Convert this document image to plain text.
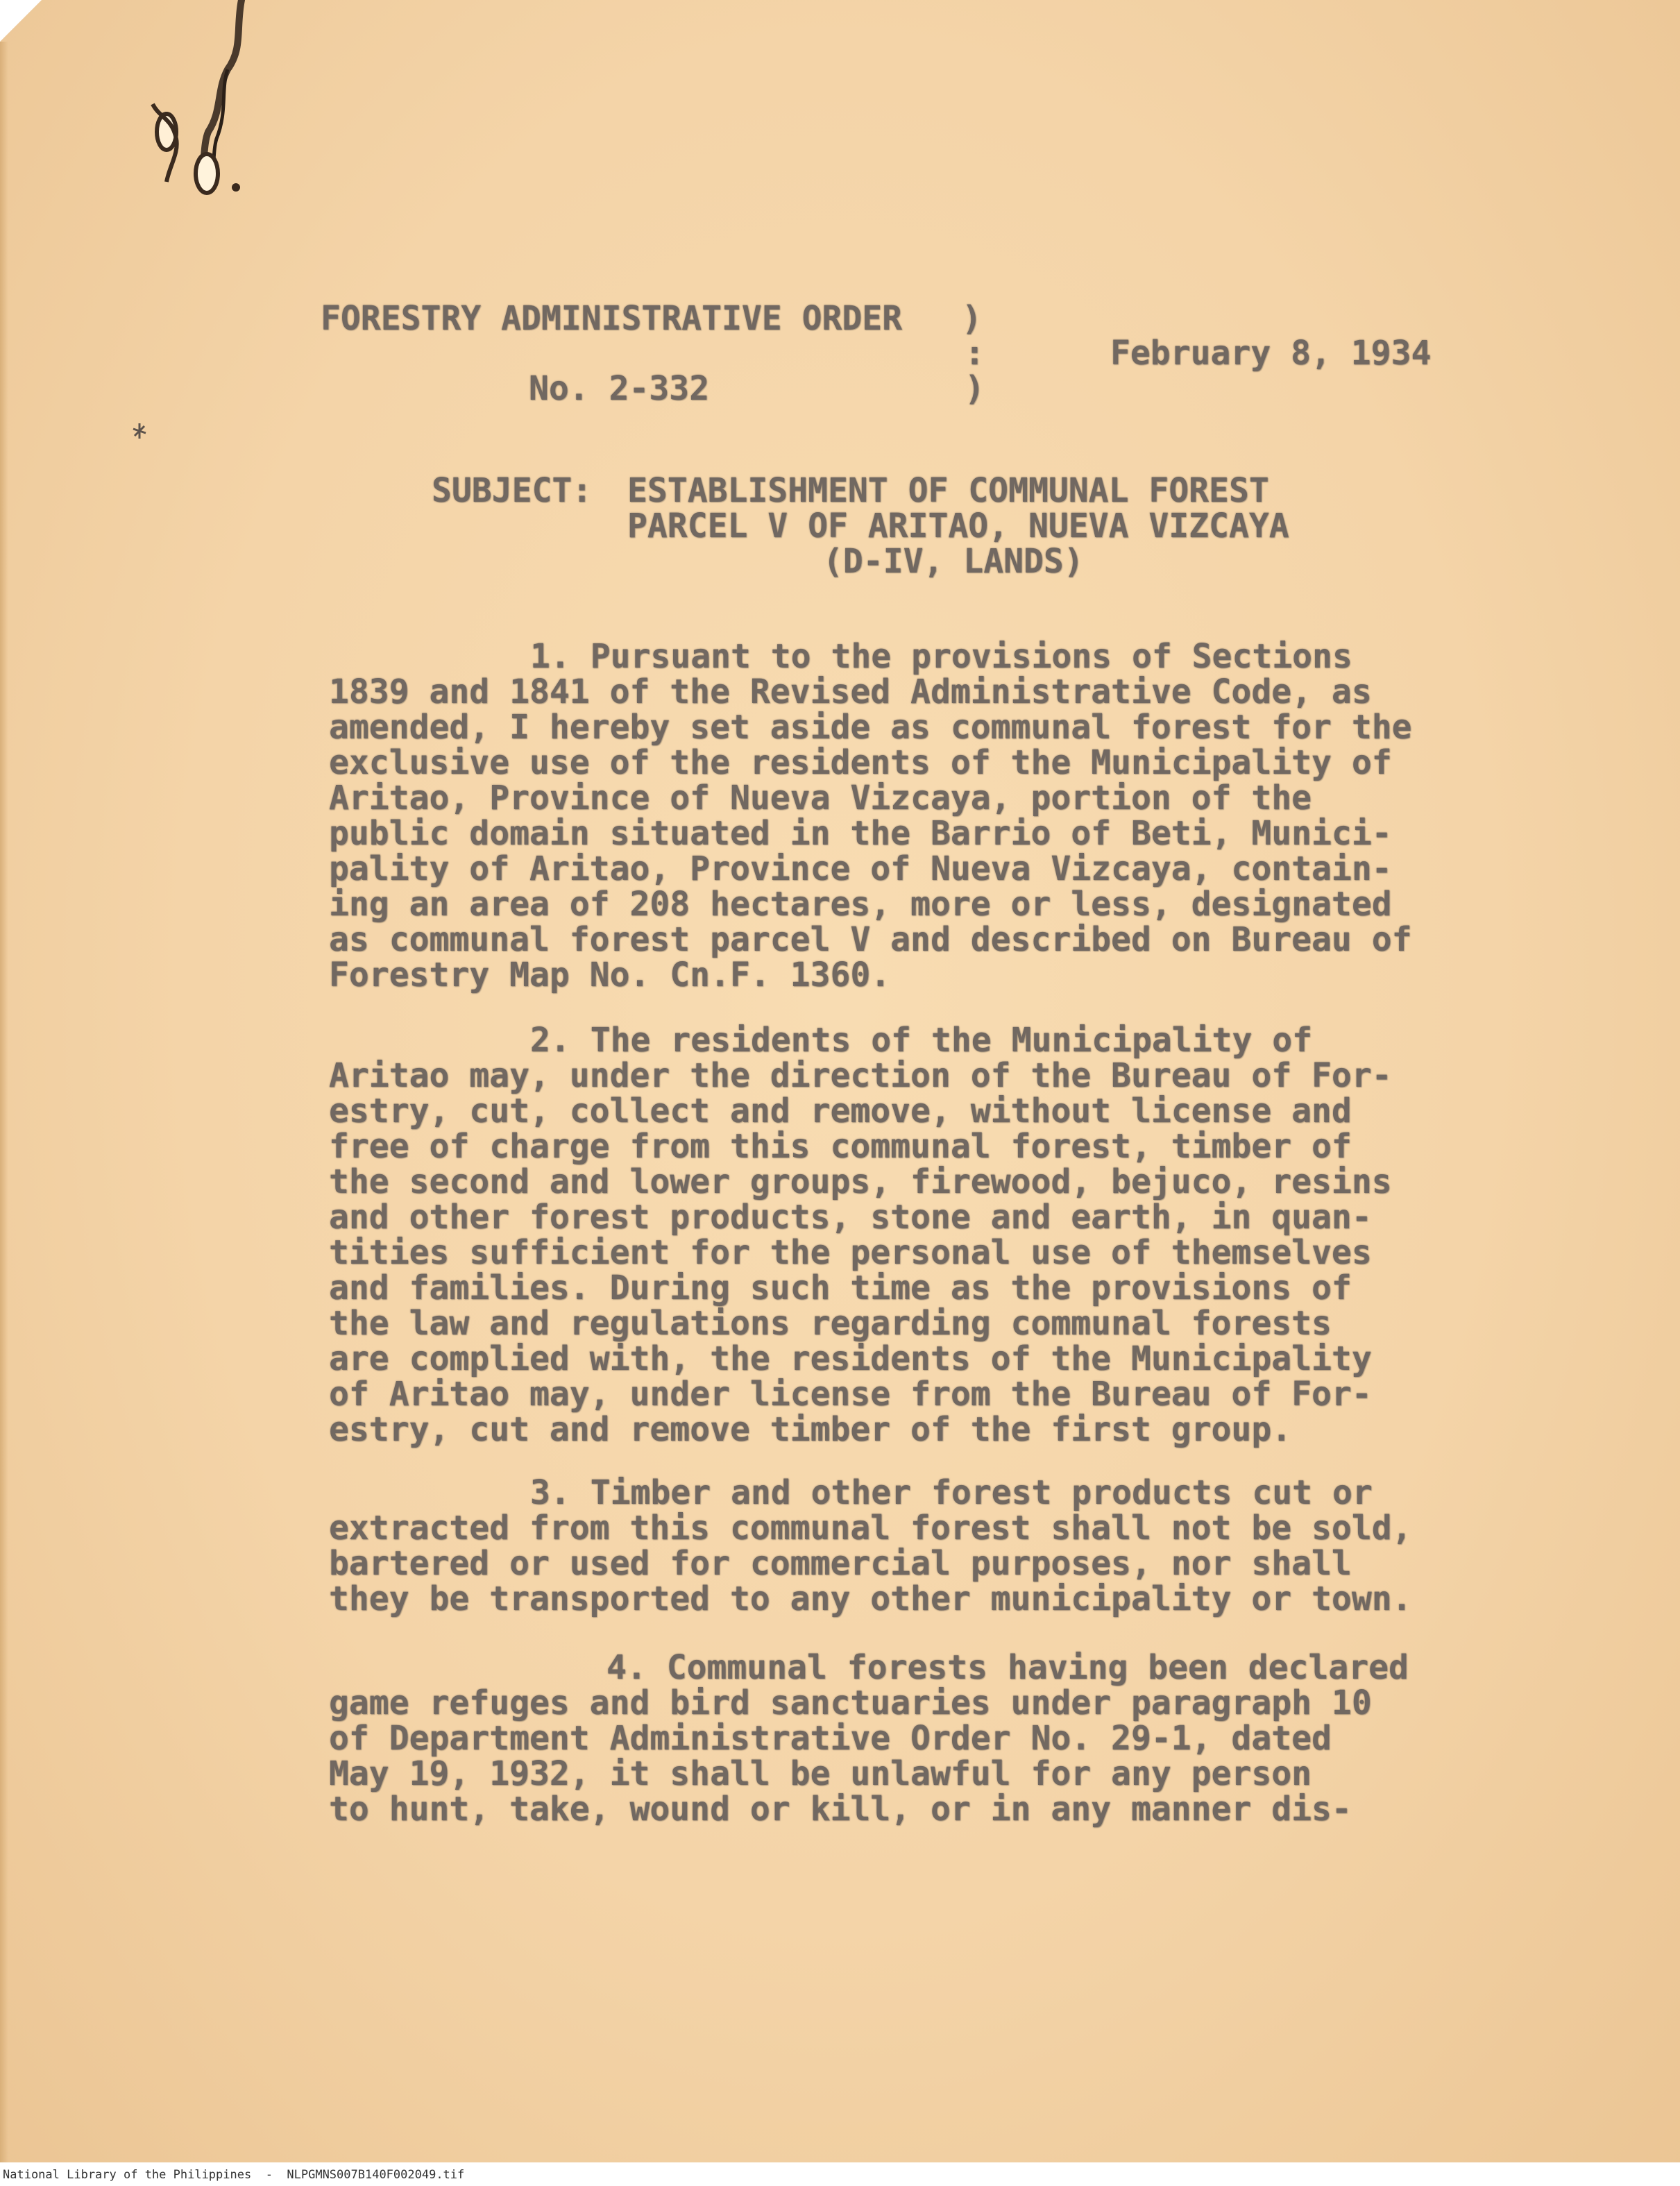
FORESTRY ADMINISTRATIVE ORDER
No. 2-332
)
:
)
February 8, 1934
SUBJECT: ESTABLISHMENT OF COMMUNAL FOREST
PARCEL V OF ARITAO, NUEVA VIZCAYA
(D-IV, LANDS)
1. Pursuant to the provisions of Sections
1839 and 1841 of the Revised Administrative Code, as
amended, I hereby set aside as communal forest for the
exclusive use of the residents of the Municipality of
Aritao, Province of Nueva Vizcaya, portion of the
public domain situated in the Barrio of Beti, Munici-
pality of Aritao, Province of Nueva Vizcaya, contain-
ing an area of 208 hectares, more or less, designated
as communal forest parcel V and described on Bureau of
Forestry Map No. Cn.F. 1360.
2. The residents of the Municipality of
Aritao may, under the direction of the Bureau of For-
estry, cut, collect and remove, without license and
free of charge from this communal forest, timber of
the second and lower groups, firewood, bejuco, resins
and other forest products, stone and earth, in quan-
tities sufficient for the personal use of themselves
and families. During such time as the provisions of
the law and regulations regarding communal forests
are complied with, the residents of the Municipality
of Aritao may, under license from the Bureau of For-
estry, cut and remove timber of the first group.
3. Timber and other forest products cut or
extracted from this communal forest shall not be sold,
bartered or used for commercial purposes, nor shall
they be transported to any other municipality or town.
4. Communal forests having been declared
game refuges and bird sanctuaries under paragraph 10
of Department Administrative Order No. 29-1, dated
May 19, 1932, it shall be unlawful for any person
to hunt, take, wound or kill, or in any manner dis-
National Library of the Philippines  -  NLPGMNS007B140F002049.tif
